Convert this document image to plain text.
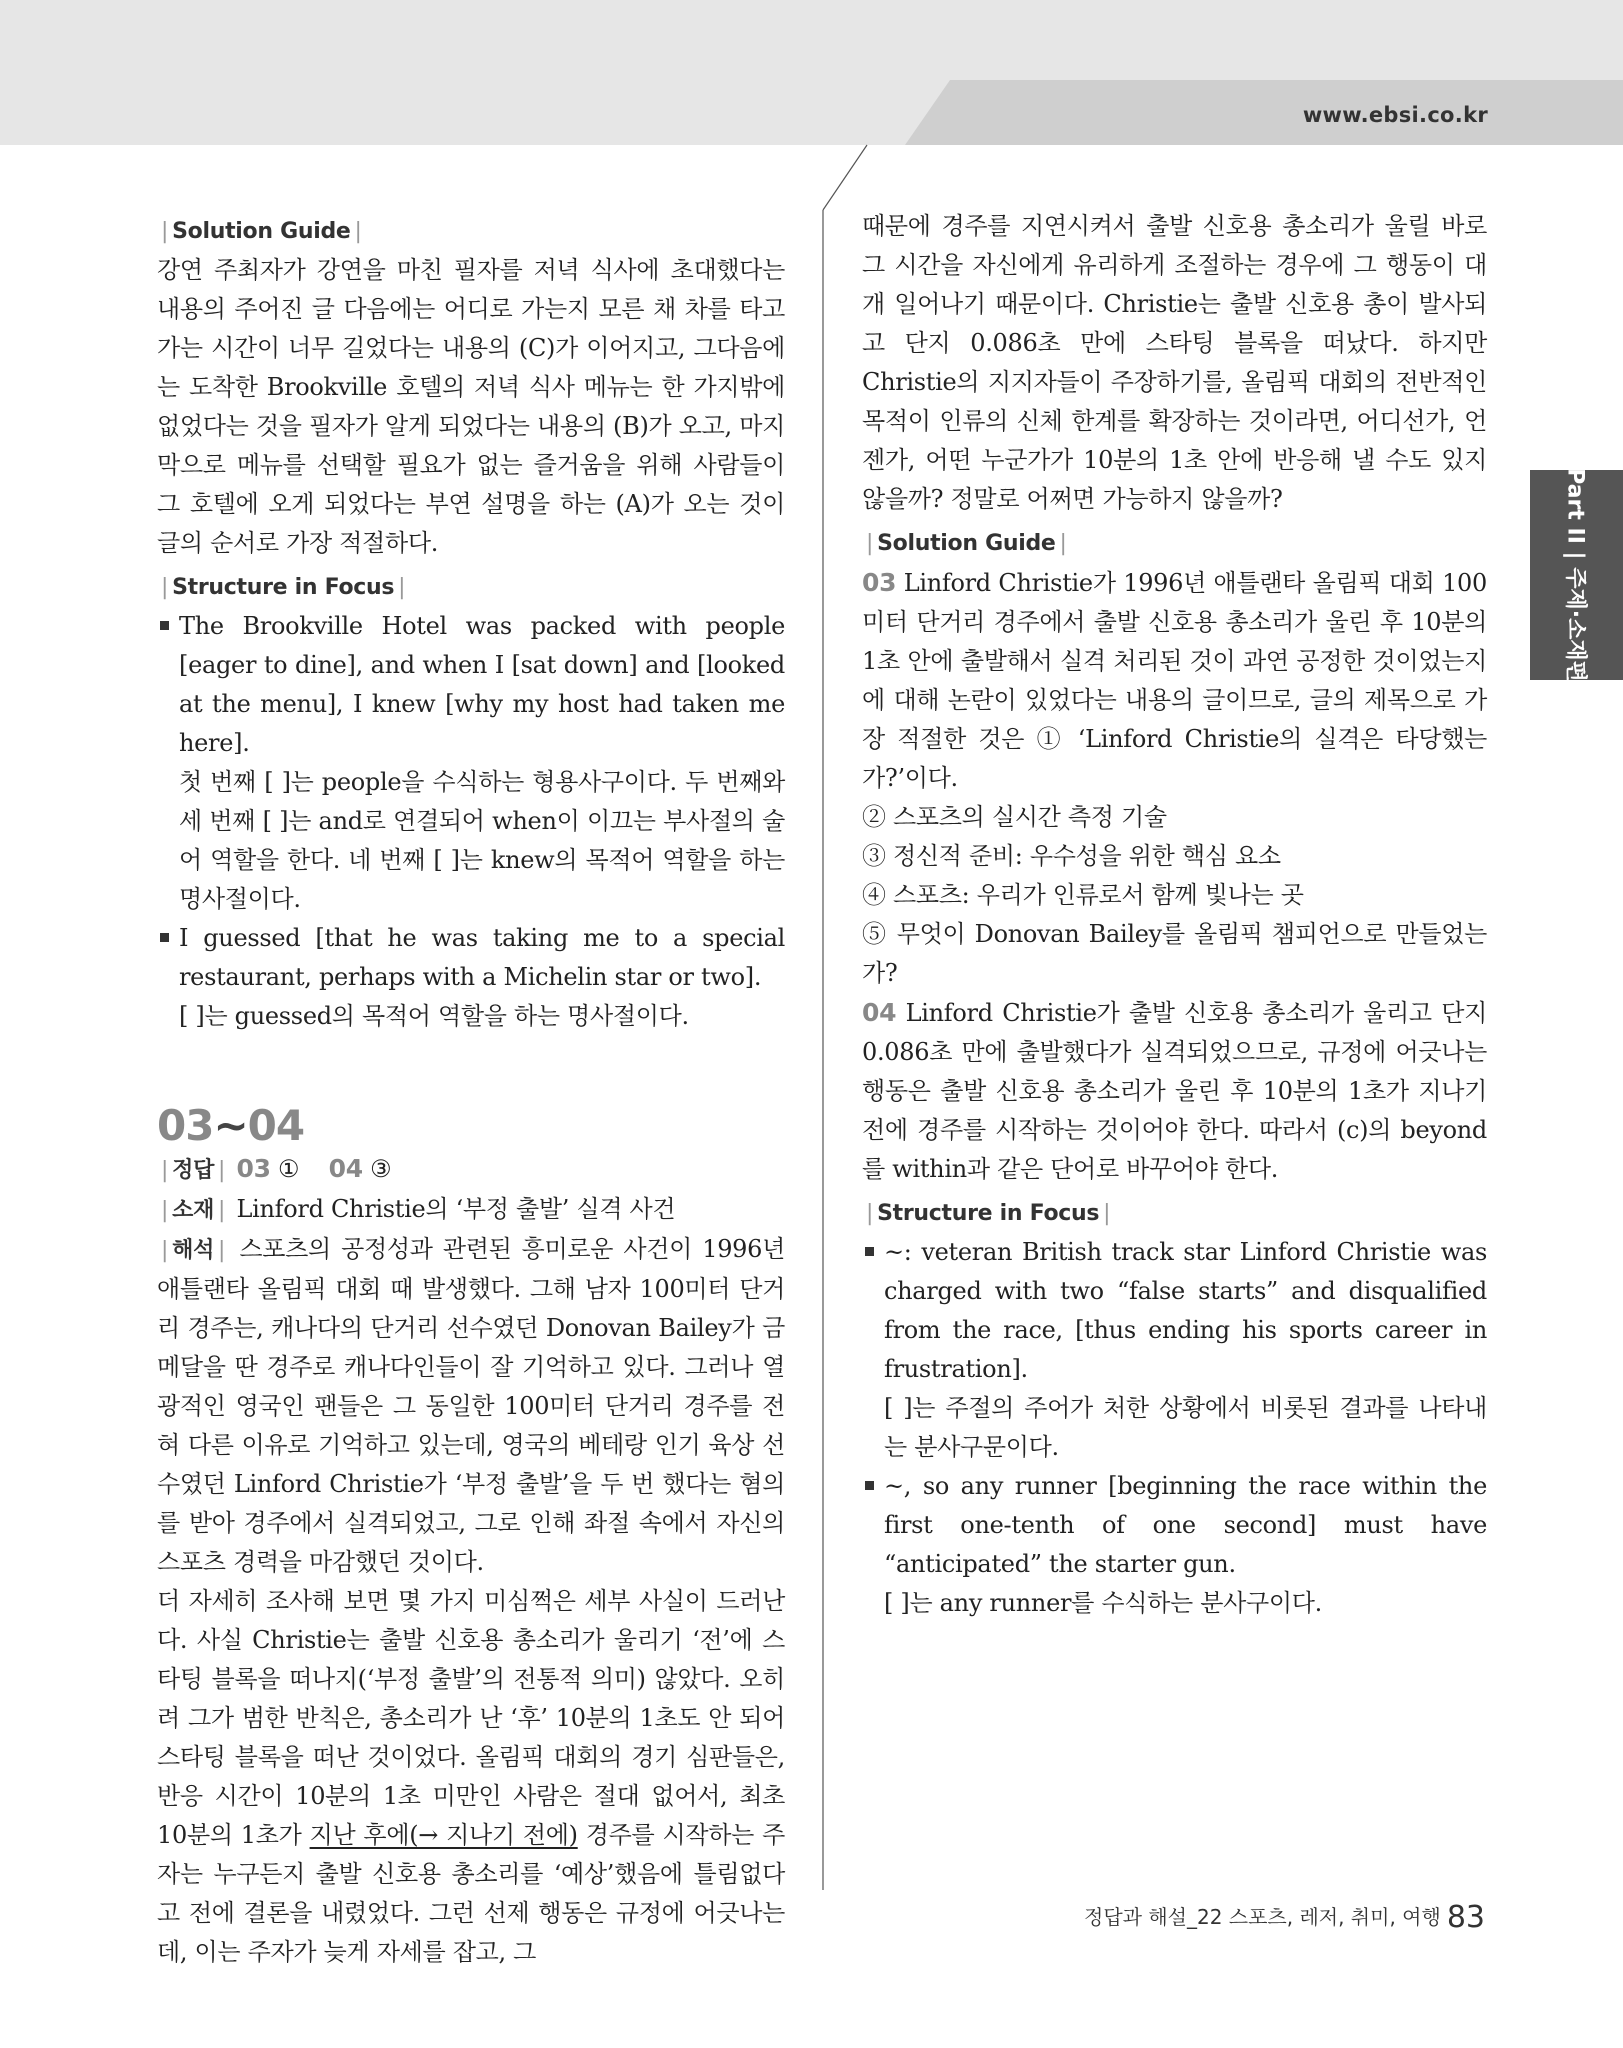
www.ebsi.co.kr
Part II | 주제·소재편
| Solution Guide |

강연 주최자가 강연을 마친 필자를 저녁 식사에 초대했다는 내용의 주어진 글 다음에는 어디로 가는지 모른 채 차를 타고 가는 시간이 너무 길었다는 내용의 (C)가 이어지고, 그다음에는 도착한 Brookville 호텔의 저녁 식사 메뉴는 한 가지밖에 없었다는 것을 필자가 알게 되었다는 내용의 (B)가 오고, 마지막으로 메뉴를 선택할 필요가 없는 즐거움을 위해 사람들이 그 호텔에 오게 되었다는 부연 설명을 하는 (A)가 오는 것이 글의 순서로 가장 적절하다.

| Structure in Focus |

The Brookville Hotel was packed with people [eager to dine], and when I [sat down] and [looked at the menu], I knew [why my host had taken me here].

첫 번째 [ ]는 people을 수식하는 형용사구이다. 두 번째와 세 번째 [ ]는 and로 연결되어 when이 이끄는 부사절의 술어 역할을 한다. 네 번째 [ ]는 knew의 목적어 역할을 하는 명사절이다.

I guessed [that he was taking me to a special restaurant, perhaps with a Michelin star or two].

[ ]는 guessed의 목적어 역할을 하는 명사절이다.

03~04

| 정답 | 03 ① 04 ③

| 소재 | Linford Christie의 ‘부정 출발’ 실격 사건

| 해석 | 스포츠의 공정성과 관련된 흥미로운 사건이 1996년 애틀랜타 올림픽 대회 때 발생했다. 그해 남자 100미터 단거리 경주는, 캐나다의 단거리 선수였던 Donovan Bailey가 금메달을 딴 경주로 캐나다인들이 잘 기억하고 있다. 그러나 열광적인 영국인 팬들은 그 동일한 100미터 단거리 경주를 전혀 다른 이유로 기억하고 있는데, 영국의 베테랑 인기 육상 선수였던 Linford Christie가 ‘부정 출발’을 두 번 했다는 혐의를 받아 경주에서 실격되었고, 그로 인해 좌절 속에서 자신의 스포츠 경력을 마감했던 것이다.

더 자세히 조사해 보면 몇 가지 미심쩍은 세부 사실이 드러난다. 사실 Christie는 출발 신호용 총소리가 울리기 ‘전’에 스타팅 블록을 떠나지(‘부정 출발’의 전통적 의미) 않았다. 오히려 그가 범한 반칙은, 총소리가 난 ‘후’ 10분의 1초도 안 되어 스타팅 블록을 떠난 것이었다. 올림픽 대회의 경기 심판들은, 반응 시간이 10분의 1초 미만인 사람은 절대 없어서, 최초 10분의 1초가 지난 후에(→ 지나기 전에) 경주를 시작하는 주자는 누구든지 출발 신호용 총소리를 ‘예상’했음에 틀림없다고 전에 결론을 내렸었다. 그런 선제 행동은 규정에 어긋나는데, 이는 주자가 늦게 자세를 잡고, 그

때문에 경주를 지연시켜서 출발 신호용 총소리가 울릴 바로 그 시간을 자신에게 유리하게 조절하는 경우에 그 행동이 대개 일어나기 때문이다. Christie는 출발 신호용 총이 발사되고 단지 0.086초 만에 스타팅 블록을 떠났다. 하지만 Christie의 지지자들이 주장하기를, 올림픽 대회의 전반적인 목적이 인류의 신체 한계를 확장하는 것이라면, 어디선가, 언젠가, 어떤 누군가가 10분의 1초 안에 반응해 낼 수도 있지 않을까? 정말로 어쩌면 가능하지 않을까?

| Solution Guide |

03 Linford Christie가 1996년 애틀랜타 올림픽 대회 100미터 단거리 경주에서 출발 신호용 총소리가 울린 후 10분의 1초 안에 출발해서 실격 처리된 것이 과연 공정한 것이었는지에 대해 논란이 있었다는 내용의 글이므로, 글의 제목으로 가장 적절한 것은 ① ‘Linford Christie의 실격은 타당했는가?’이다.

② 스포츠의 실시간 측정 기술

③ 정신적 준비: 우수성을 위한 핵심 요소

④ 스포츠: 우리가 인류로서 함께 빛나는 곳

⑤ 무엇이 Donovan Bailey를 올림픽 챔피언으로 만들었는가?

04 Linford Christie가 출발 신호용 총소리가 울리고 단지 0.086초 만에 출발했다가 실격되었으므로, 규정에 어긋나는 행동은 출발 신호용 총소리가 울린 후 10분의 1초가 지나기 전에 경주를 시작하는 것이어야 한다. 따라서 (c)의 beyond를 within과 같은 단어로 바꾸어야 한다.

| Structure in Focus |

~: veteran British track star Linford Christie was charged with two “false starts” and disqualified from the race, [thus ending his sports career in frustration].

[ ]는 주절의 주어가 처한 상황에서 비롯된 결과를 나타내는 분사구문이다.

~, so any runner [beginning the race within the first one-tenth of one second] must have “anticipated” the starter gun.

[ ]는 any runner를 수식하는 분사구이다.

정답과 해설_22 스포츠, 레저, 취미, 여행 83
